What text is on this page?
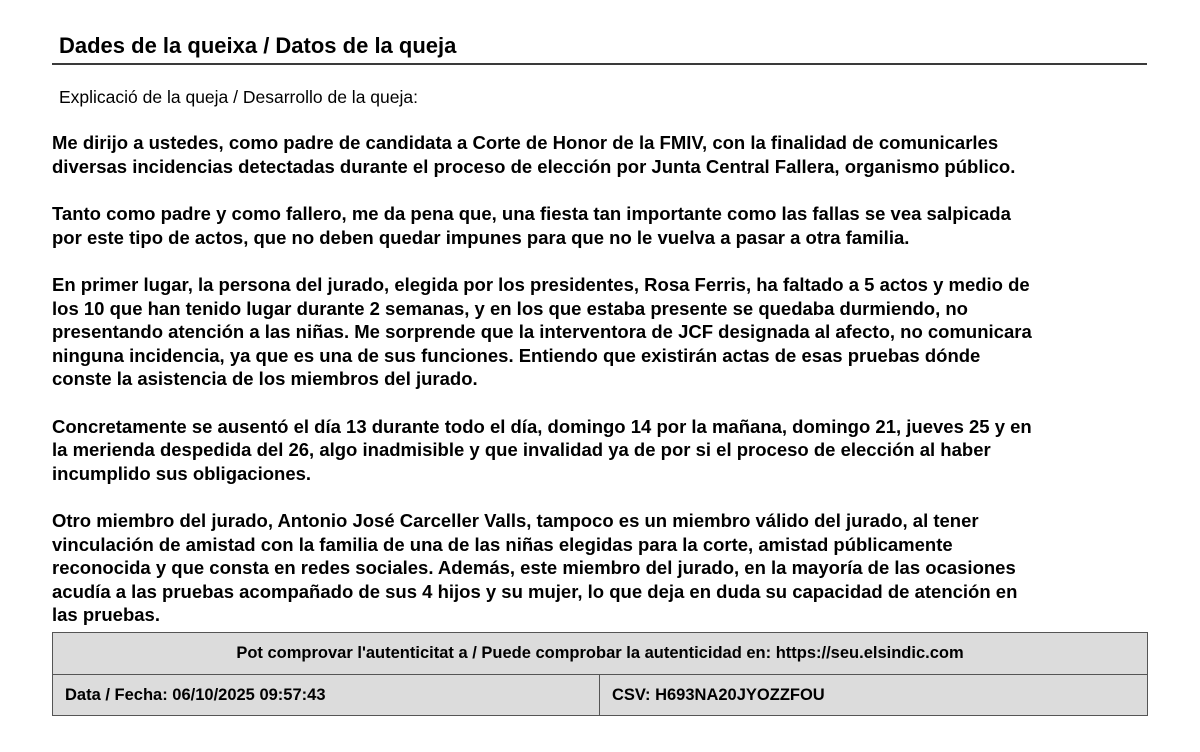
Dades de la queixa / Datos de la queja
Explicació de la queja / Desarrollo de la queja:

Me dirijo a ustedes, como padre de candidata a Corte de Honor de la FMIV, con la finalidad de comunicarles
diversas incidencias detectadas durante el proceso de elección por Junta Central Fallera, organismo público.

Tanto como padre y como fallero, me da pena que, una fiesta tan importante como las fallas se vea salpicada
por este tipo de actos, que no deben quedar impunes para que no le vuelva a pasar a otra familia.

En primer lugar, la persona del jurado, elegida por los presidentes, Rosa Ferris, ha faltado a 5 actos y medio de
los 10 que han tenido lugar durante 2 semanas, y en los que estaba presente se quedaba durmiendo, no
presentando atención a las niñas. Me sorprende que la interventora de JCF designada al afecto, no comunicara
ninguna incidencia, ya que es una de sus funciones. Entiendo que existirán actas de esas pruebas dónde
conste la asistencia de los miembros del jurado.

Concretamente se ausentó el día 13 durante todo el día, domingo 14 por la mañana, domingo 21, jueves 25 y en
la merienda despedida del 26, algo inadmisible y que invalidad ya de por si el proceso de elección al haber
incumplido sus obligaciones.

Otro miembro del jurado, Antonio José Carceller Valls, tampoco es un miembro válido del jurado, al tener
vinculación de amistad con la familia de una de las niñas elegidas para la corte, amistad públicamente
reconocida y que consta en redes sociales. Además, este miembro del jurado, en la mayoría de las ocasiones
acudía a las pruebas acompañado de sus 4 hijos y su mujer, lo que deja en duda su capacidad de atención en
las pruebas.

Pot comprovar l'autenticitat a / Puede comprobar la autenticidad en: https://seu.elsindic.com
Data / Fecha: 06/10/2025 09:57:43	CSV: H693NA20JYOZZFOU
